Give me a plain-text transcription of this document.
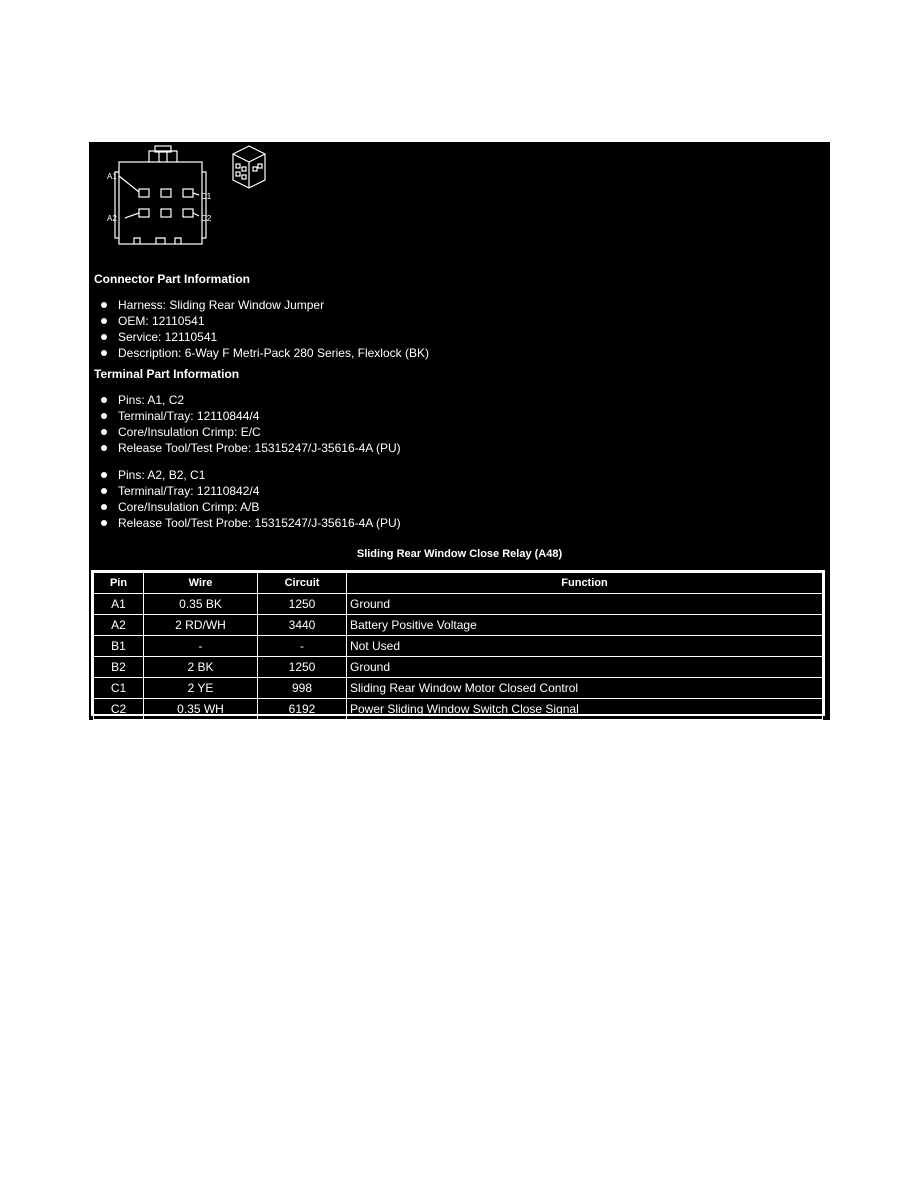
A1
A2
C1
C2
Connector Part Information
Harness: Sliding Rear Window Jumper
OEM: 12110541
Service: 12110541
Description: 6-Way F Metri-Pack 280 Series, Flexlock (BK)
Terminal Part Information
Pins: A1, C2
Terminal/Tray: 12110844/4
Core/Insulation Crimp: E/C
Release Tool/Test Probe: 15315247/J-35616-4A (PU)
Pins: A2, B2, C1
Terminal/Tray: 12110842/4
Core/Insulation Crimp: A/B
Release Tool/Test Probe: 15315247/J-35616-4A (PU)
Sliding Rear Window Close Relay (A48)
Pin	Wire	Circuit	Function
A1	0.35 BK	1250	Ground
A2	2 RD/WH	3440	Battery Positive Voltage
B1	-	-	Not Used
B2	2 BK	1250	Ground
C1	2 YE	998	Sliding Rear Window Motor Closed Control
C2	0.35 WH	6192	Power Sliding Window Switch Close Signal
